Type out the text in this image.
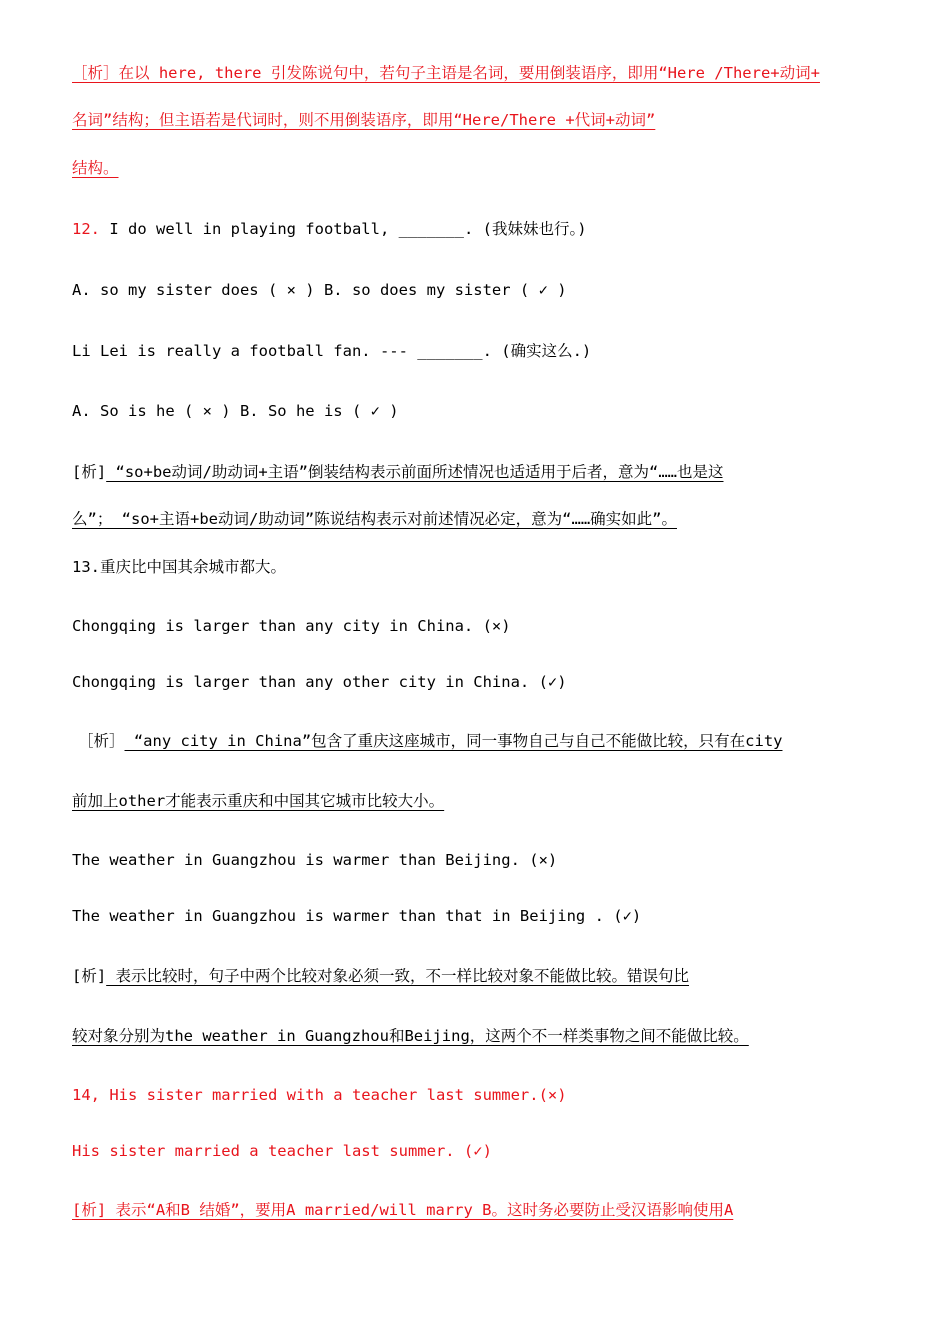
［析］在以 here, there 引发陈说句中，若句子主语是名词，要用倒装语序，即用“Here /There+动词+
名词”结构；但主语若是代词时，则不用倒装语序，即用“Here/There +代词+动词”
结构。
12. I do well in playing football, _______. (我妹妹也行。)
A. so my sister does ( × ) B. so does my sister ( ✓ )
Li Lei is really a football fan. --- _______. (确实这么.)
A. So is he ( × ) B. So he is ( ✓ )
[析] “so+be动词/助动词+主语”倒装结构表示前面所述情况也适适用于后者，意为“……也是这
么”； “so+主语+be动词/助动词”陈说结构表示对前述情况必定，意为“……确实如此”。
13.重庆比中国其余城市都大。
Chongqing is larger than any city in China. (×)
Chongqing is larger than any other city in China. (✓)
［析］ “any city in China”包含了重庆这座城市，同一事物自己与自己不能做比较，只有在city
前加上other才能表示重庆和中国其它城市比较大小。
The weather in Guangzhou is warmer than Beijing. (×)
The weather in Guangzhou is warmer than that in Beijing . (✓)
[析] 表示比较时，句子中两个比较对象必须一致，不一样比较对象不能做比较。错误句比
较对象分别为the weather in Guangzhou和Beijing，这两个不一样类事物之间不能做比较。
14, His sister married with a teacher last summer.(×)
His sister married a teacher last summer. (✓)
[析] 表示“A和B 结婚”，要用A married/will marry B。这时务必要防止受汉语影响使用A
